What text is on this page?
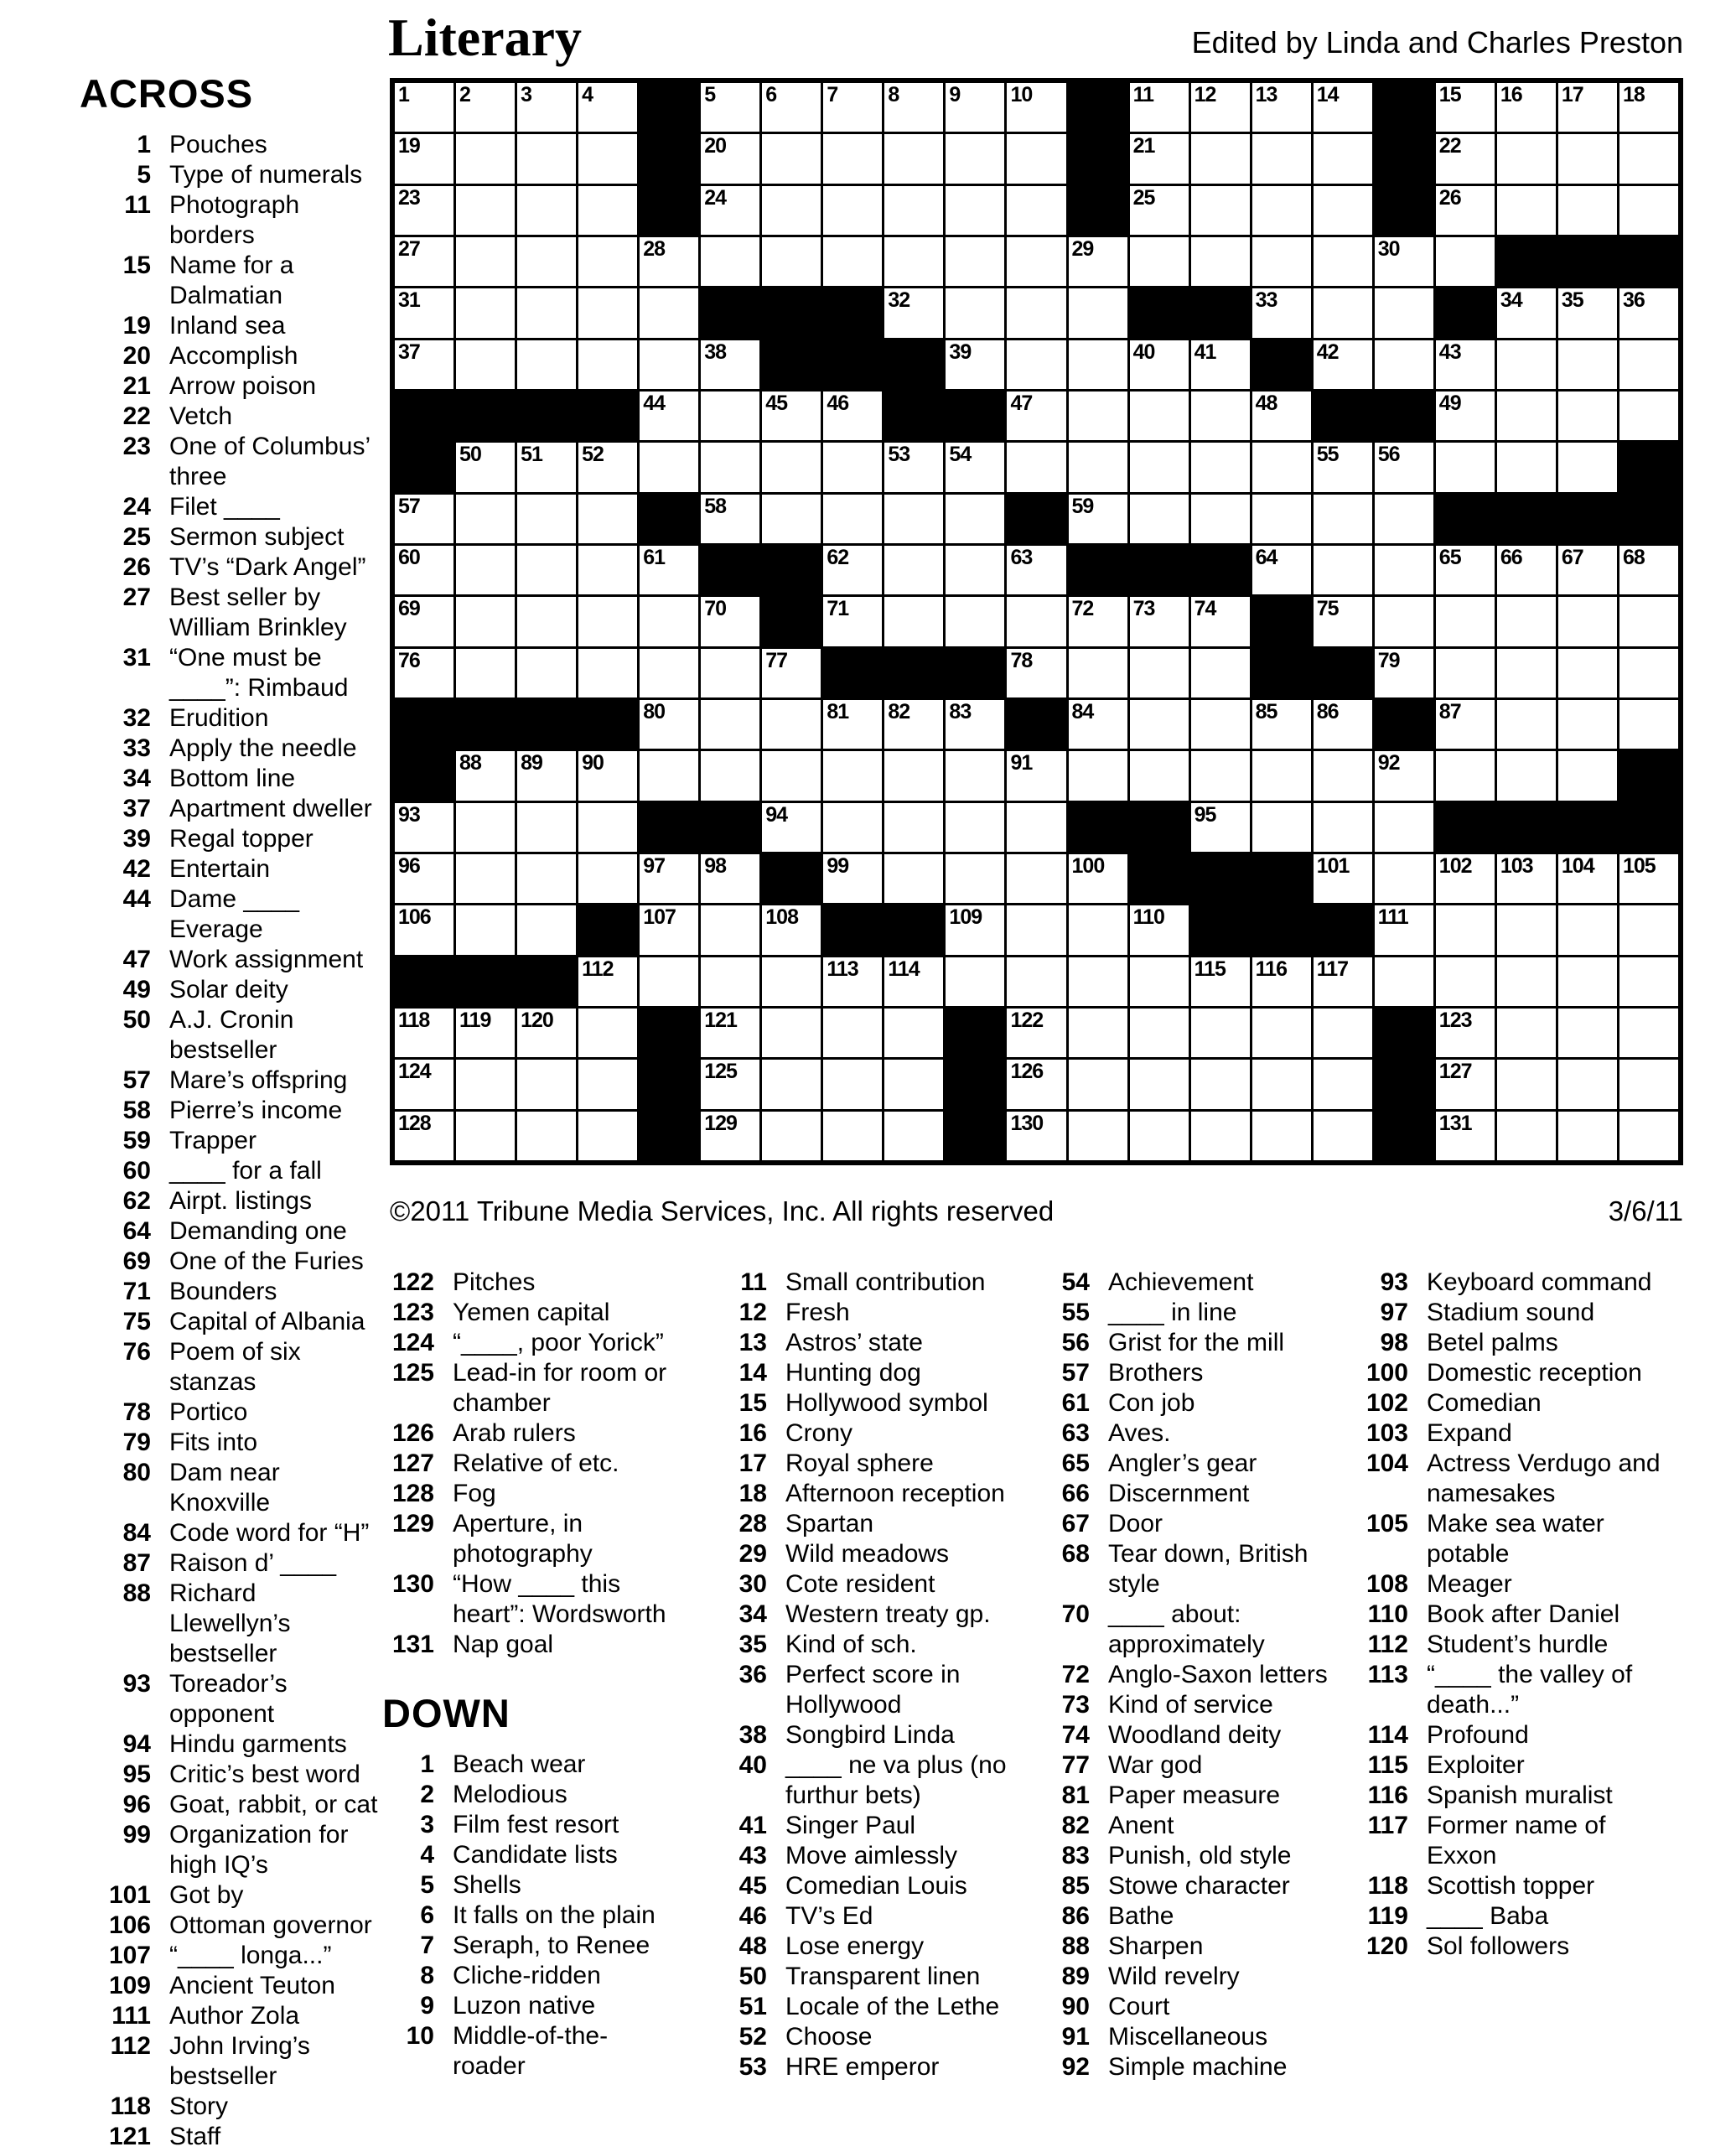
Literary	Edited by Linda and Charles Preston
ACROSS
1 Pouches
5 Type of numerals
11 Photograph borders
15 Name for a Dalmatian
19 Inland sea
20 Accomplish
21 Arrow poison
22 Vetch
23 One of Columbus’ three
24 Filet ____
25 Sermon subject
26 TV’s “Dark Angel”
27 Best seller by William Brinkley
31 “One must be ____”: Rimbaud
32 Erudition
33 Apply the needle
34 Bottom line
37 Apartment dweller
39 Regal topper
42 Entertain
44 Dame ____ Everage
47 Work assignment
49 Solar deity
50 A.J. Cronin bestseller
57 Mare’s offspring
58 Pierre’s income
59 Trapper
60 ____ for a fall
62 Airpt. listings
64 Demanding one
69 One of the Furies
71 Bounders
75 Capital of Albania
76 Poem of six stanzas
78 Portico
79 Fits into
80 Dam near Knoxville
84 Code word for “H”
87 Raison d’ ____
88 Richard Llewellyn’s bestseller
93 Toreador’s opponent
94 Hindu garments
95 Critic’s best word
96 Goat, rabbit, or cat
99 Organization for high IQ’s
101 Got by
106 Ottoman governor
107 “____ longa...”
109 Ancient Teuton
111 Author Zola
112 John Irving’s bestseller
118 Story
121 Staff
1 2 3 4	5 6 7 8 9 10	11 12 13 14	15 16 17 18
19	20	21	22
23	24	25	26
27	28	29	30
31	32	33	34 35 36
37	38	39	40 41	42	43
44	45 46	47	48	49
50 51 52	53 54	55 56
57	58	59
60	61	62	63	64	65 66 67 68
69	70	71	72 73 74	75
76	77	78	79
80	81 82 83	84	85 86	87
88 89 90	91	92
93	94	95
96	97 98	99	100	101	102 103 104 105
106	107	108	109	110	111
112	113 114	115 116 117
118 119 120	121	122	123
124	125	126	127
128	129	130	131
©2011 Tribune Media Services, Inc. All rights reserved	3/6/11
122 Pitches
123 Yemen capital
124 “____, poor Yorick”
125 Lead-in for room or chamber
126 Arab rulers
127 Relative of etc.
128 Fog
129 Aperture, in photography
130 “How ____ this heart”: Wordsworth
131 Nap goal
DOWN
1 Beach wear
2 Melodious
3 Film fest resort
4 Candidate lists
5 Shells
6 It falls on the plain
7 Seraph, to Renee
8 Cliche-ridden
9 Luzon native
10 Middle-of-the-roader
11 Small contribution
12 Fresh
13 Astros’ state
14 Hunting dog
15 Hollywood symbol
16 Crony
17 Royal sphere
18 Afternoon reception
28 Spartan
29 Wild meadows
30 Cote resident
34 Western treaty gp.
35 Kind of sch.
36 Perfect score in Hollywood
38 Songbird Linda
40 ____ ne va plus (no furthur bets)
41 Singer Paul
43 Move aimlessly
45 Comedian Louis
46 TV’s Ed
48 Lose energy
50 Transparent linen
51 Locale of the Lethe
52 Choose
53 HRE emperor
54 Achievement
55 ____ in line
56 Grist for the mill
57 Brothers
61 Con job
63 Aves.
65 Angler’s gear
66 Discernment
67 Door
68 Tear down, British style
70 ____ about: approximately
72 Anglo-Saxon letters
73 Kind of service
74 Woodland deity
77 War god
81 Paper measure
82 Anent
83 Punish, old style
85 Stowe character
86 Bathe
88 Sharpen
89 Wild revelry
90 Court
91 Miscellaneous
92 Simple machine
93 Keyboard command
97 Stadium sound
98 Betel palms
100 Domestic reception
102 Comedian
103 Expand
104 Actress Verdugo and namesakes
105 Make sea water potable
108 Meager
110 Book after Daniel
112 Student’s hurdle
113 “____ the valley of death...”
114 Profound
115 Exploiter
116 Spanish muralist
117 Former name of Exxon
118 Scottish topper
119 ____ Baba
120 Sol followers
